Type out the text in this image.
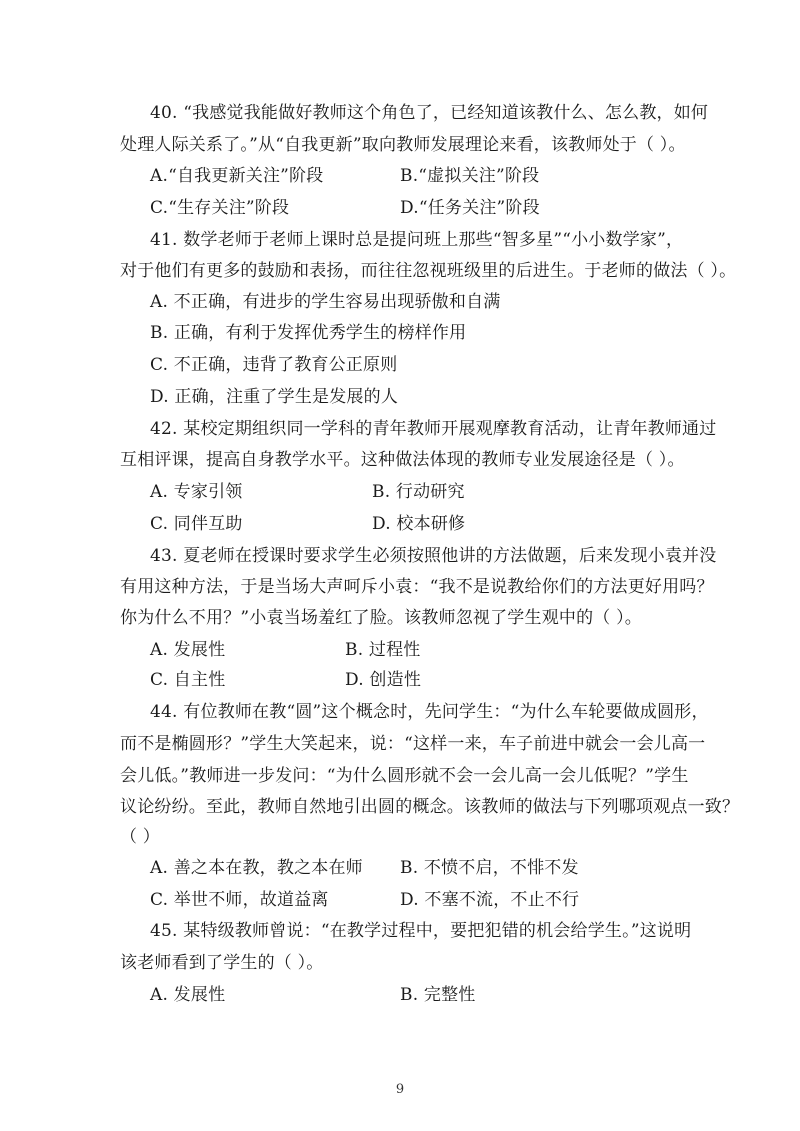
40. “我感觉我能做好教师这个角色了，已经知道该教什么、怎么教，如何
处理人际关系了。”从“自我更新”取向教师发展理论来看，该教师处于（ ）。
A.“自我更新关注”阶段	B.“虚拟关注”阶段
C.“生存关注”阶段	D.“任务关注”阶段
41. 数学老师于老师上课时总是提问班上那些“智多星”“小小数学家”，
对于他们有更多的鼓励和表扬，而往往忽视班级里的后进生。于老师的做法（ ）。
A. 不正确，有进步的学生容易出现骄傲和自满
B. 正确，有利于发挥优秀学生的榜样作用
C. 不正确，违背了教育公正原则
D. 正确，注重了学生是发展的人
42. 某校定期组织同一学科的青年教师开展观摩教育活动，让青年教师通过
互相评课，提高自身教学水平。这种做法体现的教师专业发展途径是（ ）。
A. 专家引领	B. 行动研究
C. 同伴互助	D. 校本研修
43. 夏老师在授课时要求学生必须按照他讲的方法做题，后来发现小袁并没
有用这种方法，于是当场大声呵斥小袁：“我不是说教给你们的方法更好用吗？
你为什么不用？”小袁当场羞红了脸。该教师忽视了学生观中的（ ）。
A. 发展性	B. 过程性
C. 自主性	D. 创造性
44. 有位教师在教“圆”这个概念时，先问学生：“为什么车轮要做成圆形，
而不是椭圆形？”学生大笑起来，说：“这样一来，车子前进中就会一会儿高一
会儿低。”教师进一步发问：“为什么圆形就不会一会儿高一会儿低呢？”学生
议论纷纷。至此，教师自然地引出圆的概念。该教师的做法与下列哪项观点一致？
（ ）
A. 善之本在教，教之本在师 B. 不愤不启，不悱不发
C. 举世不师，故道益离	D. 不塞不流，不止不行
45. 某特级教师曾说：“在教学过程中，要把犯错的机会给学生。”这说明
该老师看到了学生的（ ）。
A. 发展性	B. 完整性
9
